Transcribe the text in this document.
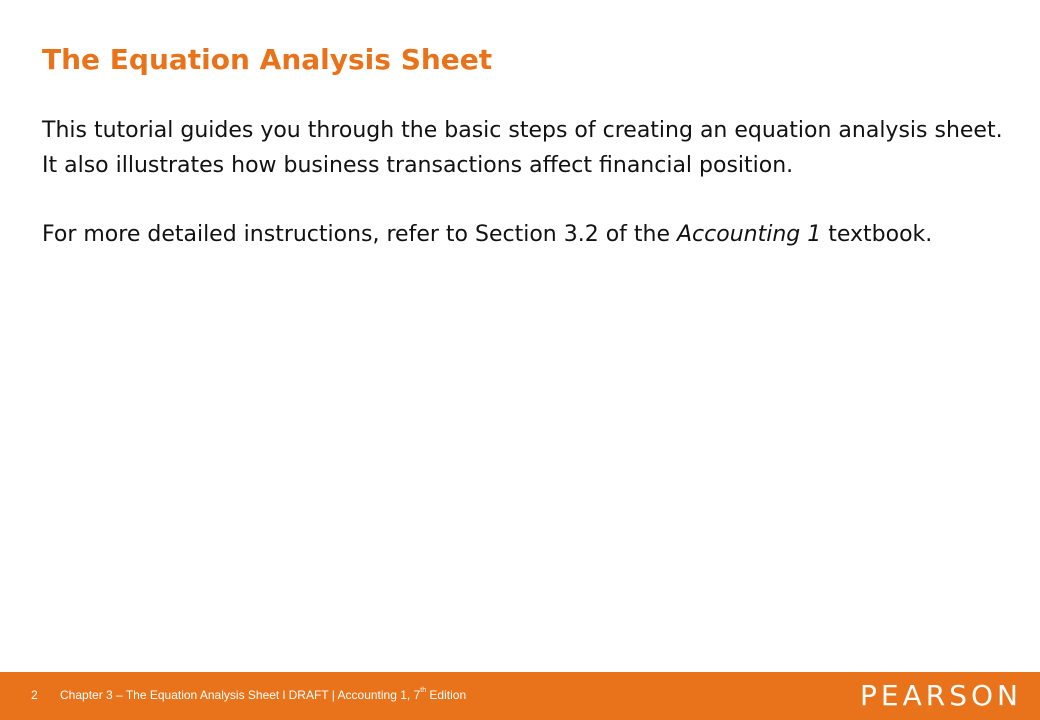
The Equation Analysis Sheet

This tutorial guides you through the basic steps of creating an equation analysis sheet. It also illustrates how business transactions affect financial position.

For more detailed instructions, refer to Section 3.2 of the Accounting 1 textbook.

2 Chapter 3 – The Equation Analysis Sheet l DRAFT | Accounting 1, 7th Edition	PEARSON
